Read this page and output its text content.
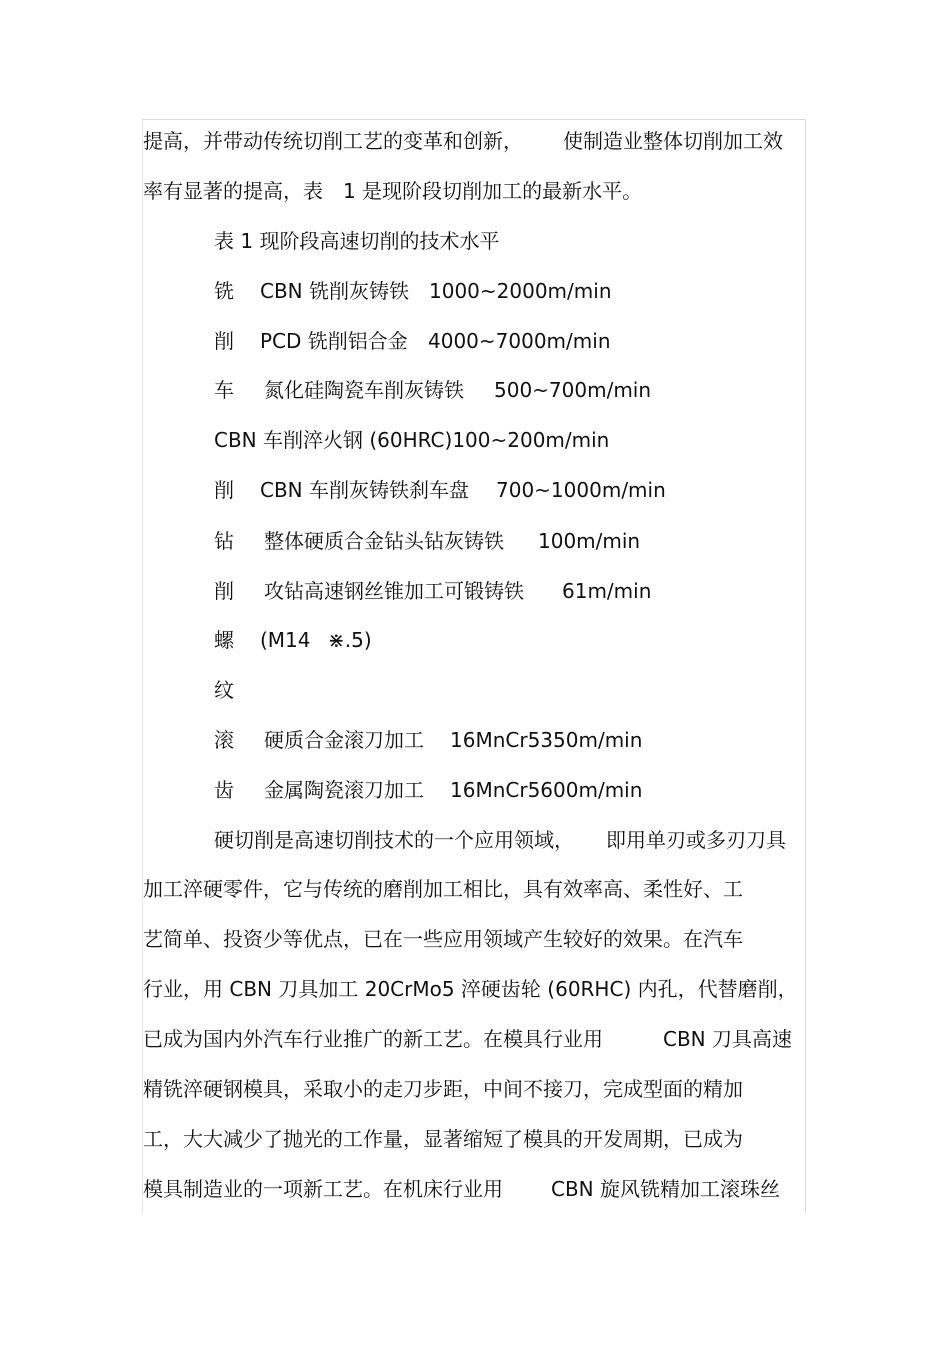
提高，并带动传统切削工艺的变革和创新，

使制造业整体切削加工效

率有显著的提高，表　1 是现阶段切削加工的最新水平。
表 1 现阶段高速切削的技术水平

铣

CBN 铣削灰铸铁

1000~2000m/min

削

PCD 铣削铝合金

4000~7000m/min

车

氮化硅陶瓷车削灰铸铁

500~700m/min

CBN 车削淬火钢 (60HRC)100~200m/min

削

CBN 车削灰铸铁刹车盘

700~1000m/min

钻

整体硬质合金钻头钻灰铸铁

100m/min

削

攻钻高速钢丝锥加工可锻铸铁

61m/min

螺

(M14

⋇.5)

纹

滚

硬质合金滚刀加工

16MnCr5350m/min

齿

金属陶瓷滚刀加工

16MnCr5600m/min

硬切削是高速切削技术的一个应用领域，

即用单刃或多刃刀具

加工淬硬零件，它与传统的磨削加工相比，具有效率高、柔性好、工
艺简单、投资少等优点，已在一些应用领域产生较好的效果。在汽车
行业，用 CBN 刀具加工 20CrMo5 淬硬齿轮 (60RHC) 内孔，代替磨削，

已成为国内外汽车行业推广的新工艺。在模具行业用

	CBN 刀具高速

精铣淬硬钢模具，采取小的走刀步距，中间不接刀，完成型面的精加
工，大大减少了抛光的工作量，显著缩短了模具的开发周期，已成为

模具制造业的一项新工艺。在机床行业用

CBN 旋风铣精加工滚珠丝
